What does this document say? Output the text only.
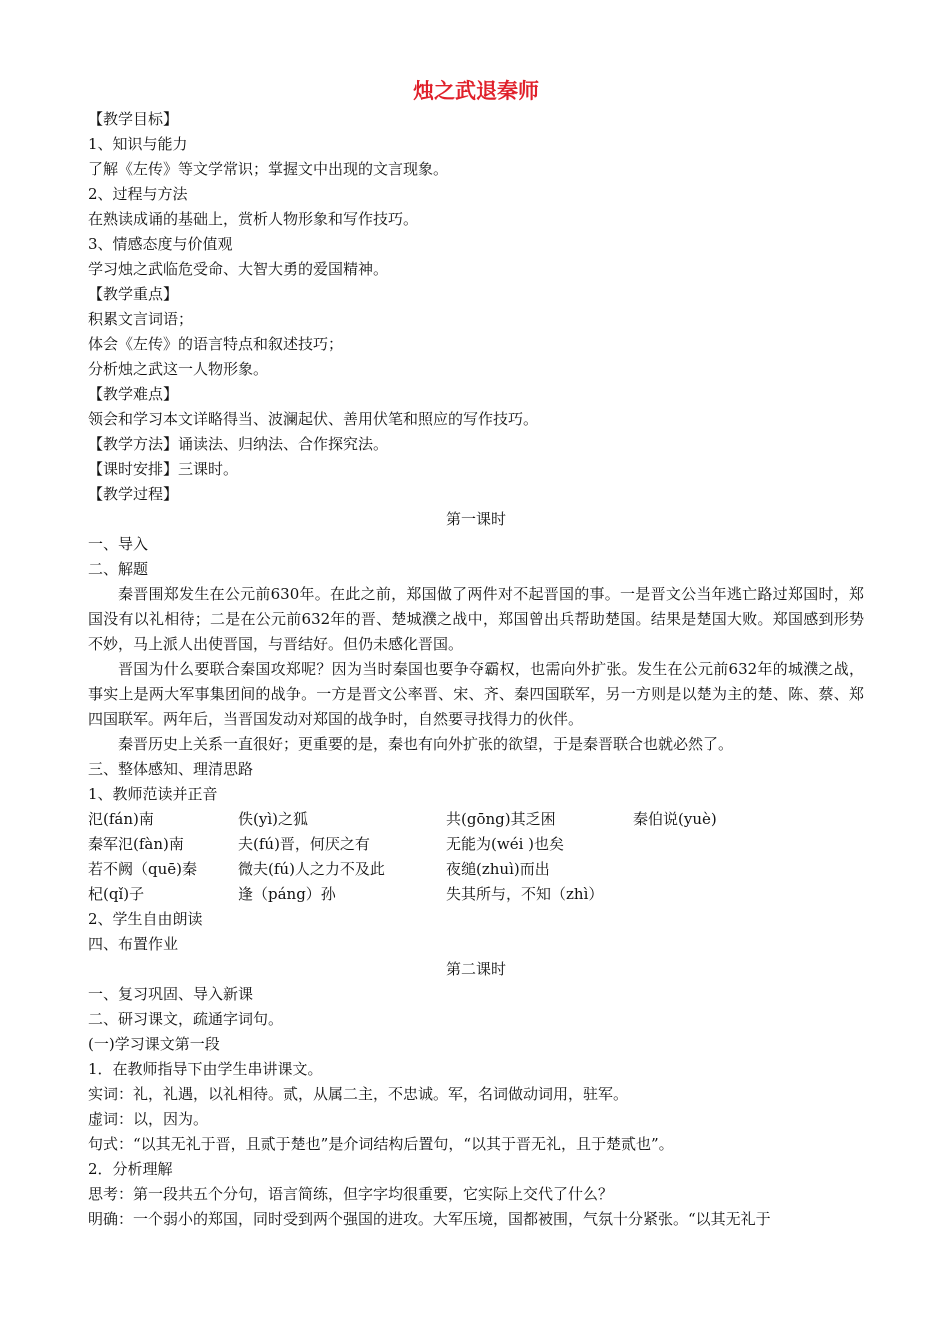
烛之武退秦师
【教学目标】
1、知识与能力
了解《左传》等文学常识；掌握文中出现的文言现象。
2、过程与方法
在熟读成诵的基础上，赏析人物形象和写作技巧。
3、情感态度与价值观
学习烛之武临危受命、大智大勇的爱国精神。
【教学重点】
积累文言词语；
体会《左传》的语言特点和叙述技巧；
分析烛之武这一人物形象。
【教学难点】
领会和学习本文详略得当、波澜起伏、善用伏笔和照应的写作技巧。
【教学方法】诵读法、归纳法、合作探究法。
【课时安排】三课时。
【教学过程】
第一课时
一、导入
二、解题
秦晋围郑发生在公元前630年。在此之前，郑国做了两件对不起晋国的事。一是晋文公当年逃亡路过郑国时，郑国没有以礼相待；二是在公元前632年的晋、楚城濮之战中，郑国曾出兵帮助楚国。结果是楚国大败。郑国感到形势不妙，马上派人出使晋国，与晋结好。但仍未感化晋国。
晋国为什么要联合秦国攻郑呢？因为当时秦国也要争夺霸权，也需向外扩张。发生在公元前632年的城濮之战，事实上是两大军事集团间的战争。一方是晋文公率晋、宋、齐、秦四国联军，另一方则是以楚为主的楚、陈、蔡、郑四国联军。两年后，当晋国发动对郑国的战争时，自然要寻找得力的伙伴。
秦晋历史上关系一直很好；更重要的是，秦也有向外扩张的欲望，于是秦晋联合也就必然了。
三、整体感知、理清思路
1、教师范读并正音
氾(fán)南	佚(yì)之狐	共(gōng)其乏困	秦伯说(yuè)
秦军氾(fàn)南	夫(fú)晋，何厌之有	无能为(wéi )也矣
若不阙（quē)秦	微夫(fú)人之力不及此	夜缒(zhuì)而出
杞(qǐ)子	逢（páng）孙	失其所与，不知（zhì）
2、学生自由朗读
四、布置作业
第二课时
一、复习巩固、导入新课
二、研习课文，疏通字词句。
(一)学习课文第一段
1．在教师指导下由学生串讲课文。
实词：礼，礼遇，以礼相待。贰，从属二主，不忠诚。军，名词做动词用，驻军。
虚词：以，因为。
句式：“以其无礼于晋，且贰于楚也”是介词结构后置句，“以其于晋无礼，且于楚贰也”。
2．分析理解
思考：第一段共五个分句，语言简练，但字字均很重要，它实际上交代了什么？
明确：一个弱小的郑国，同时受到两个强国的进攻。大军压境，国都被围，气氛十分紧张。“以其无礼于
